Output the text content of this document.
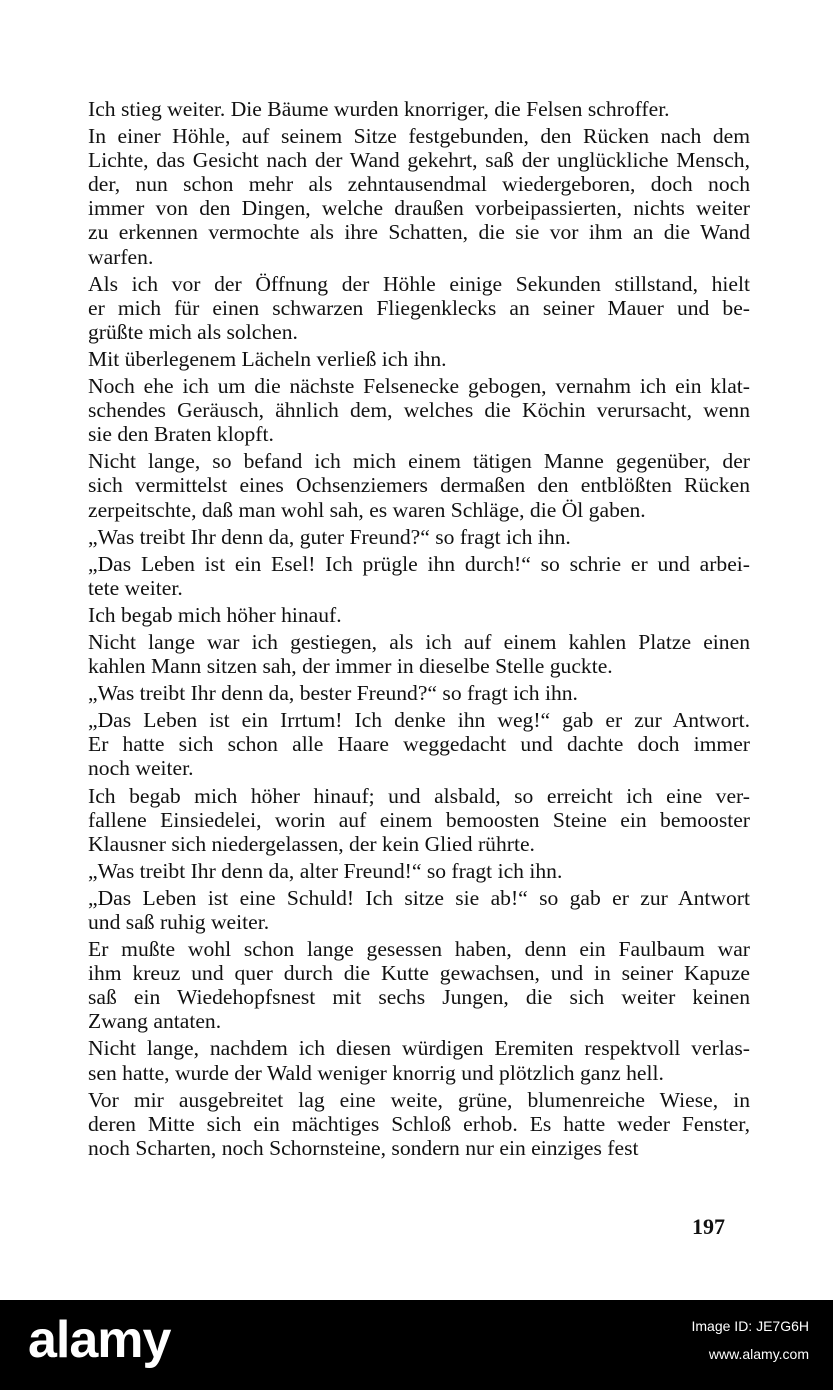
Ich stieg weiter. Die Bäume wurden knorriger, die Felsen schroffer.
In einer Höhle, auf seinem Sitze festgebunden, den Rücken nach dem
Lichte, das Gesicht nach der Wand gekehrt, saß der unglückliche Mensch,
der, nun schon mehr als zehntausendmal wiedergeboren, doch noch
immer von den Dingen, welche draußen vorbeipassierten, nichts weiter
zu erkennen vermochte als ihre Schatten, die sie vor ihm an die Wand
warfen.
Als ich vor der Öffnung der Höhle einige Sekunden stillstand, hielt
er mich für einen schwarzen Fliegenklecks an seiner Mauer und be-
grüßte mich als solchen.
Mit überlegenem Lächeln verließ ich ihn.
Noch ehe ich um die nächste Felsenecke gebogen, vernahm ich ein klat-
schendes Geräusch, ähnlich dem, welches die Köchin verursacht, wenn
sie den Braten klopft.
Nicht lange, so befand ich mich einem tätigen Manne gegenüber, der
sich vermittelst eines Ochsenziemers dermaßen den entblößten Rücken
zerpeitschte, daß man wohl sah, es waren Schläge, die Öl gaben.
„Was treibt Ihr denn da, guter Freund?“ so fragt ich ihn.
„Das Leben ist ein Esel! Ich prügle ihn durch!“ so schrie er und arbei-
tete weiter.
Ich begab mich höher hinauf.
Nicht lange war ich gestiegen, als ich auf einem kahlen Platze einen
kahlen Mann sitzen sah, der immer in dieselbe Stelle guckte.
„Was treibt Ihr denn da, bester Freund?“ so fragt ich ihn.
„Das Leben ist ein Irrtum! Ich denke ihn weg!“ gab er zur Antwort.
Er hatte sich schon alle Haare weggedacht und dachte doch immer
noch weiter.
Ich begab mich höher hinauf; und alsbald, so erreicht ich eine ver-
fallene Einsiedelei, worin auf einem bemoosten Steine ein bemooster
Klausner sich niedergelassen, der kein Glied rührte.
„Was treibt Ihr denn da, alter Freund!“ so fragt ich ihn.
„Das Leben ist eine Schuld! Ich sitze sie ab!“ so gab er zur Antwort
und saß ruhig weiter.
Er mußte wohl schon lange gesessen haben, denn ein Faulbaum war
ihm kreuz und quer durch die Kutte gewachsen, und in seiner Kapuze
saß ein Wiedehopfsnest mit sechs Jungen, die sich weiter keinen
Zwang antaten.
Nicht lange, nachdem ich diesen würdigen Eremiten respektvoll verlas-
sen hatte, wurde der Wald weniger knorrig und plötzlich ganz hell.
Vor mir ausgebreitet lag eine weite, grüne, blumenreiche Wiese, in
deren Mitte sich ein mächtiges Schloß erhob. Es hatte weder Fenster,
noch Scharten, noch Schornsteine, sondern nur ein einziges fest
197
alamy	Image ID: JE7G6H
www.alamy.com
